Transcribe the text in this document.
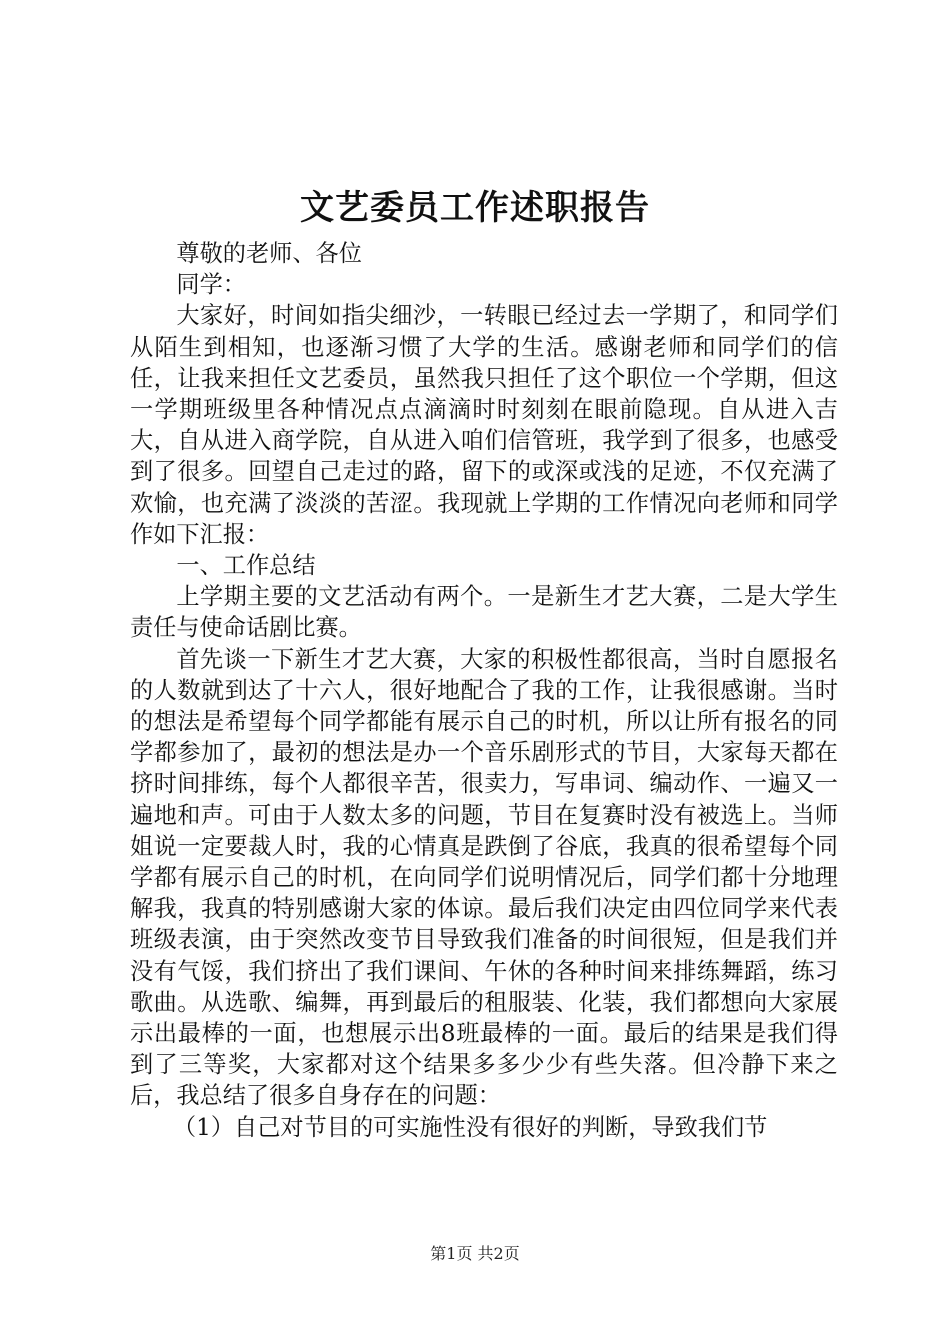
文艺委员工作述职报告

尊敬的老师、各位

同学：

大家好，时间如指尖细沙，一转眼已经过去一学期了，和同学们从陌生到相知，也逐渐习惯了大学的生活。感谢老师和同学们的信任，让我来担任文艺委员，虽然我只担任了这个职位一个学期，但这一学期班级里各种情况点点滴滴时时刻刻在眼前隐现。自从进入吉大，自从进入商学院，自从进入咱们信管班，我学到了很多，也感受到了很多。回望自己走过的路，留下的或深或浅的足迹，不仅充满了欢愉，也充满了淡淡的苦涩。我现就上学期的工作情况向老师和同学作如下汇报：

一、工作总结

上学期主要的文艺活动有两个。一是新生才艺大赛，二是大学生责任与使命话剧比赛。

首先谈一下新生才艺大赛，大家的积极性都很高，当时自愿报名的人数就到达了十六人，很好地配合了我的工作，让我很感谢。当时的想法是希望每个同学都能有展示自己的时机，所以让所有报名的同学都参加了，最初的想法是办一个音乐剧形式的节目，大家每天都在挤时间排练，每个人都很辛苦，很卖力，写串词、编动作、一遍又一遍地和声。可由于人数太多的问题，节目在复赛时没有被选上。当师姐说一定要裁人时，我的心情真是跌倒了谷底，我真的很希望每个同学都有展示自己的时机，在向同学们说明情况后，同学们都十分地理解我，我真的特别感谢大家的体谅。最后我们决定由四位同学来代表班级表演，由于突然改变节目导致我们准备的时间很短，但是我们并没有气馁，我们挤出了我们课间、午休的各种时间来排练舞蹈，练习歌曲。从选歌、编舞，再到最后的租服装、化装，我们都想向大家展示出最棒的一面，也想展示出8班最棒的一面。最后的结果是我们得到了三等奖，大家都对这个结果多多少少有些失落。但冷静下来之后，我总结了很多自身存在的问题：

（1）自己对节目的可实施性没有很好的判断，导致我们节

第1页 共2页
